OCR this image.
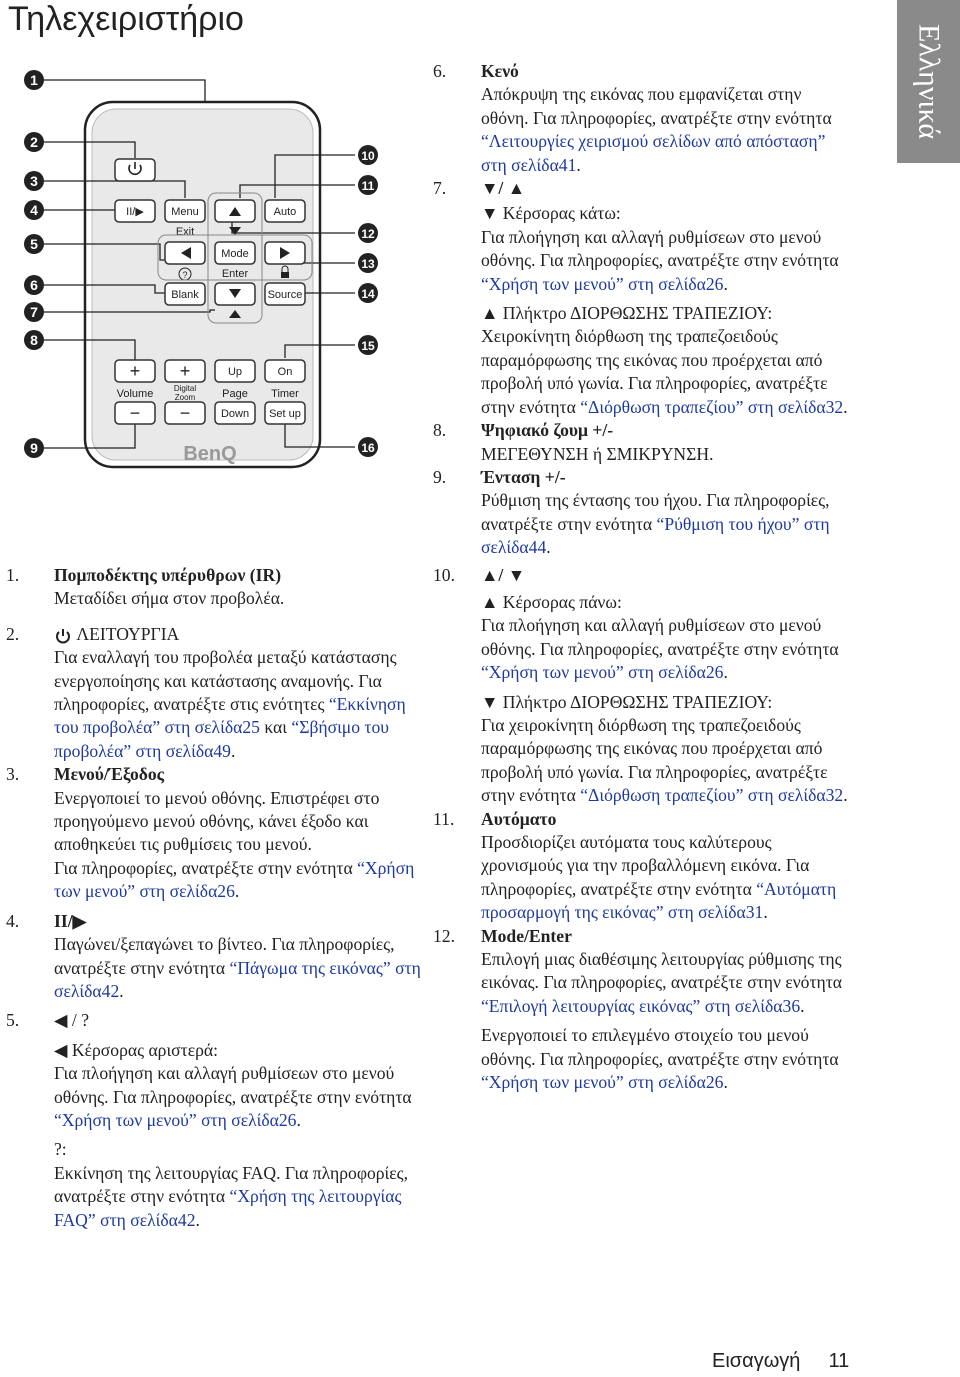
Τηλεχειριστήριο
Ελληνικά
1
2
3
4
5
6
7
8
9
10
11
12
13
14
15
16
II/▶ Menu
Exit
Auto
?
Mode
Enter
Blank	Source
+
Volume
−
+
Digital
Zoom
−
Up
Page
Down
On
Timer
Set up
BenQ
1. Πομποδέκτης υπέρυθρων (IR)
Μεταδίδει σήμα στον προβολέα.
2.	ΛΕΙΤΟΥΡΓΙΑ
Για εναλλαγή του προβολέα μεταξύ κατάστασης ενεργοποίησης και κατάστασης αναμονής. Για πληροφορίες, ανατρέξτε στις ενότητες “Εκκίνηση του προβολέα” στη σελίδα25 και “Σβήσιμο του προβολέα” στη σελίδα49.
3. Μενού/Έξοδος
Ενεργοποιεί το μενού οθόνης. Επιστρέφει στο προηγούμενο μενού οθόνης, κάνει έξοδο και αποθηκεύει τις ρυθμίσεις του μενού.
Για πληροφορίες, ανατρέξτε στην ενότητα “Χρήση των μενού” στη σελίδα26.
4. II/▶
Παγώνει/ξεπαγώνει το βίντεο. Για πληροφορίες, ανατρέξτε στην ενότητα “Πάγωμα της εικόνας” στη σελίδα42.
5. ◀ / ?
◀ Κέρσορας αριστερά:
Για πλοήγηση και αλλαγή ρυθμίσεων στο μενού οθόνης. Για πληροφορίες, ανατρέξτε στην ενότητα “Χρήση των μενού” στη σελίδα26.
?:
Εκκίνηση της λειτουργίας FAQ. Για πληροφορίες, ανατρέξτε στην ενότητα “Χρήση της λειτουργίας FAQ” στη σελίδα42.
6. Κενό
Απόκρυψη της εικόνας που εμφανίζεται στην οθόνη. Για πληροφορίες, ανατρέξτε στην ενότητα “Λειτουργίες χειρισμού σελίδων από απόσταση” στη σελίδα41.
7. ▼/ ▲
▼ Κέρσορας κάτω:
Για πλοήγηση και αλλαγή ρυθμίσεων στο μενού οθόνης. Για πληροφορίες, ανατρέξτε στην ενότητα “Χρήση των μενού” στη σελίδα26.
▲ Πλήκτρο ΔΙΟΡΘΩΣΗΣ ΤΡΑΠΕΖΙΟΥ:
Χειροκίνητη διόρθωση της τραπεζοειδούς παραμόρφωσης της εικόνας που προέρχεται από προβολή υπό γωνία. Για πληροφορίες, ανατρέξτε στην ενότητα “Διόρθωση τραπεζίου” στη σελίδα32.
8. Ψηφιακό ζουμ +/-
ΜΕΓΕΘΥΝΣΗ ή ΣΜΙΚΡΥΝΣΗ.
9. Ένταση +/-
Ρύθμιση της έντασης του ήχου. Για πληροφορίες, ανατρέξτε στην ενότητα “Ρύθμιση του ήχου” στη σελίδα44.
10. ▲/ ▼
▲ Κέρσορας πάνω:
Για πλοήγηση και αλλαγή ρυθμίσεων στο μενού οθόνης. Για πληροφορίες, ανατρέξτε στην ενότητα “Χρήση των μενού” στη σελίδα26.
▼ Πλήκτρο ΔΙΟΡΘΩΣΗΣ ΤΡΑΠΕΖΙΟΥ:
Για χειροκίνητη διόρθωση της τραπεζοειδούς παραμόρφωσης της εικόνας που προέρχεται από προβολή υπό γωνία. Για πληροφορίες, ανατρέξτε στην ενότητα “Διόρθωση τραπεζίου” στη σελίδα32.
11. Αυτόματο
Προσδιορίζει αυτόματα τους καλύτερους χρονισμούς για την προβαλλόμενη εικόνα. Για πληροφορίες, ανατρέξτε στην ενότητα “Αυτόματη προσαρμογή της εικόνας” στη σελίδα31.
12. Mode/Enter
Επιλογή μιας διαθέσιμης λειτουργίας ρύθμισης της εικόνας. Για πληροφορίες, ανατρέξτε στην ενότητα “Επιλογή λειτουργίας εικόνας” στη σελίδα36.
Ενεργοποιεί το επιλεγμένο στοιχείο του μενού οθόνης. Για πληροφορίες, ανατρέξτε στην ενότητα “Χρήση των μενού” στη σελίδα26.
Εισαγωγή 11
